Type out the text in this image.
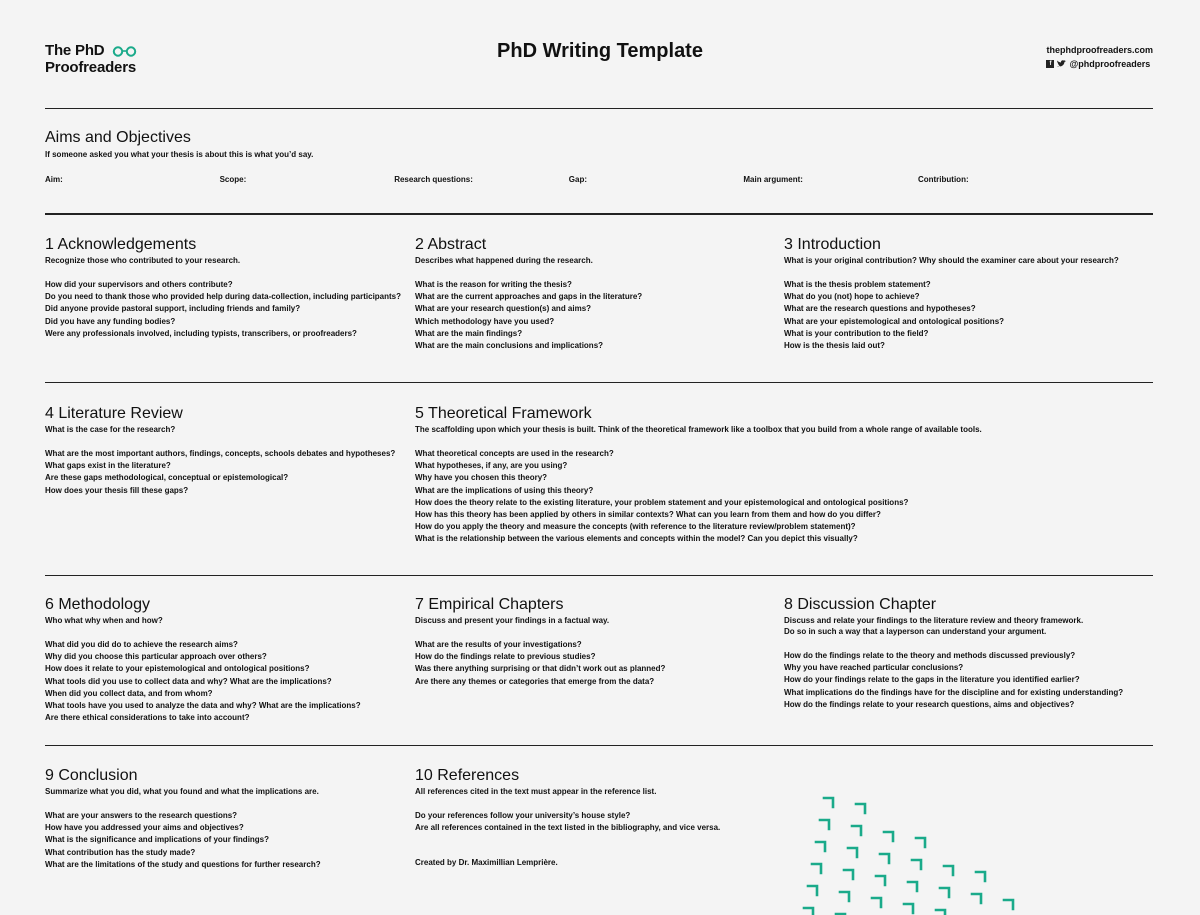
The PhD
Proofreaders
PhD Writing Template	thephdproofreaders.com
f	@phdproofreaders
Aims and Objectives
If someone asked you what your thesis is about this is what you’d say.
Aim:	Scope:	Research questions:	Gap:	Main argument:	Contribution:
1 Acknowledgements
Recognize those who contributed to your research.
How did your supervisors and others contribute?
Do you need to thank those who provided help during data-collection, including participants?
Did anyone provide pastoral support, including friends and family?
Did you have any funding bodies?
Were any professionals involved, including typists, transcribers, or proofreaders?
2 Abstract
Describes what happened during the research.
What is the reason for writing the thesis?
What are the current approaches and gaps in the literature?
What are your research question(s) and aims?
Which methodology have you used?
What are the main findings?
What are the main conclusions and implications?
3 Introduction
What is your original contribution? Why should the examiner care about your research?
What is the thesis problem statement?
What do you (not) hope to achieve?
What are the research questions and hypotheses?
What are your epistemological and ontological positions?
What is your contribution to the field?
How is the thesis laid out?
4 Literature Review
What is the case for the research?
What are the most important authors, findings, concepts, schools debates and hypotheses?
What gaps exist in the literature?
Are these gaps methodological, conceptual or epistemological?
How does your thesis fill these gaps?
5 Theoretical Framework
The scaffolding upon which your thesis is built. Think of the theoretical framework like a toolbox that you build from a whole range of available tools.
What theoretical concepts are used in the research?
What hypotheses, if any, are you using?
Why have you chosen this theory?
What are the implications of using this theory?
How does the theory relate to the existing literature, your problem statement and your epistemological and ontological positions?
How has this theory has been applied by others in similar contexts? What can you learn from them and how do you differ?
How do you apply the theory and measure the concepts (with reference to the literature review/problem statement)?
What is the relationship between the various elements and concepts within the model? Can you depict this visually?
6 Methodology
Who what why when and how?
What did you did do to achieve the research aims?
Why did you choose this particular approach over others?
How does it relate to your epistemological and ontological positions?
What tools did you use to collect data and why? What are the implications?
When did you collect data, and from whom?
What tools have you used to analyze the data and why? What are the implications?
Are there ethical considerations to take into account?
7 Empirical Chapters
Discuss and present your findings in a factual way.
What are the results of your investigations?
How do the findings relate to previous studies?
Was there anything surprising or that didn’t work out as planned?
Are there any themes or categories that emerge from the data?
8 Discussion Chapter
Discuss and relate your findings to the literature review and theory framework.
Do so in such a way that a layperson can understand your argument.
How do the findings relate to the theory and methods discussed previously?
Why you have reached particular conclusions?
How do your findings relate to the gaps in the literature you identified earlier?
What implications do the findings have for the discipline and for existing understanding?
How do the findings relate to your research questions, aims and objectives?
9 Conclusion
Summarize what you did, what you found and what the implications are.
What are your answers to the research questions?
How have you addressed your aims and objectives?
What is the significance and implications of your findings?
What contribution has the study made?
What are the limitations of the study and questions for further research?
10 References
All references cited in the text must appear in the reference list.
Do your references follow your university’s house style?
Are all references contained in the text listed in the bibliography, and vice versa.
Created by Dr. Maximillian Lemprière.
